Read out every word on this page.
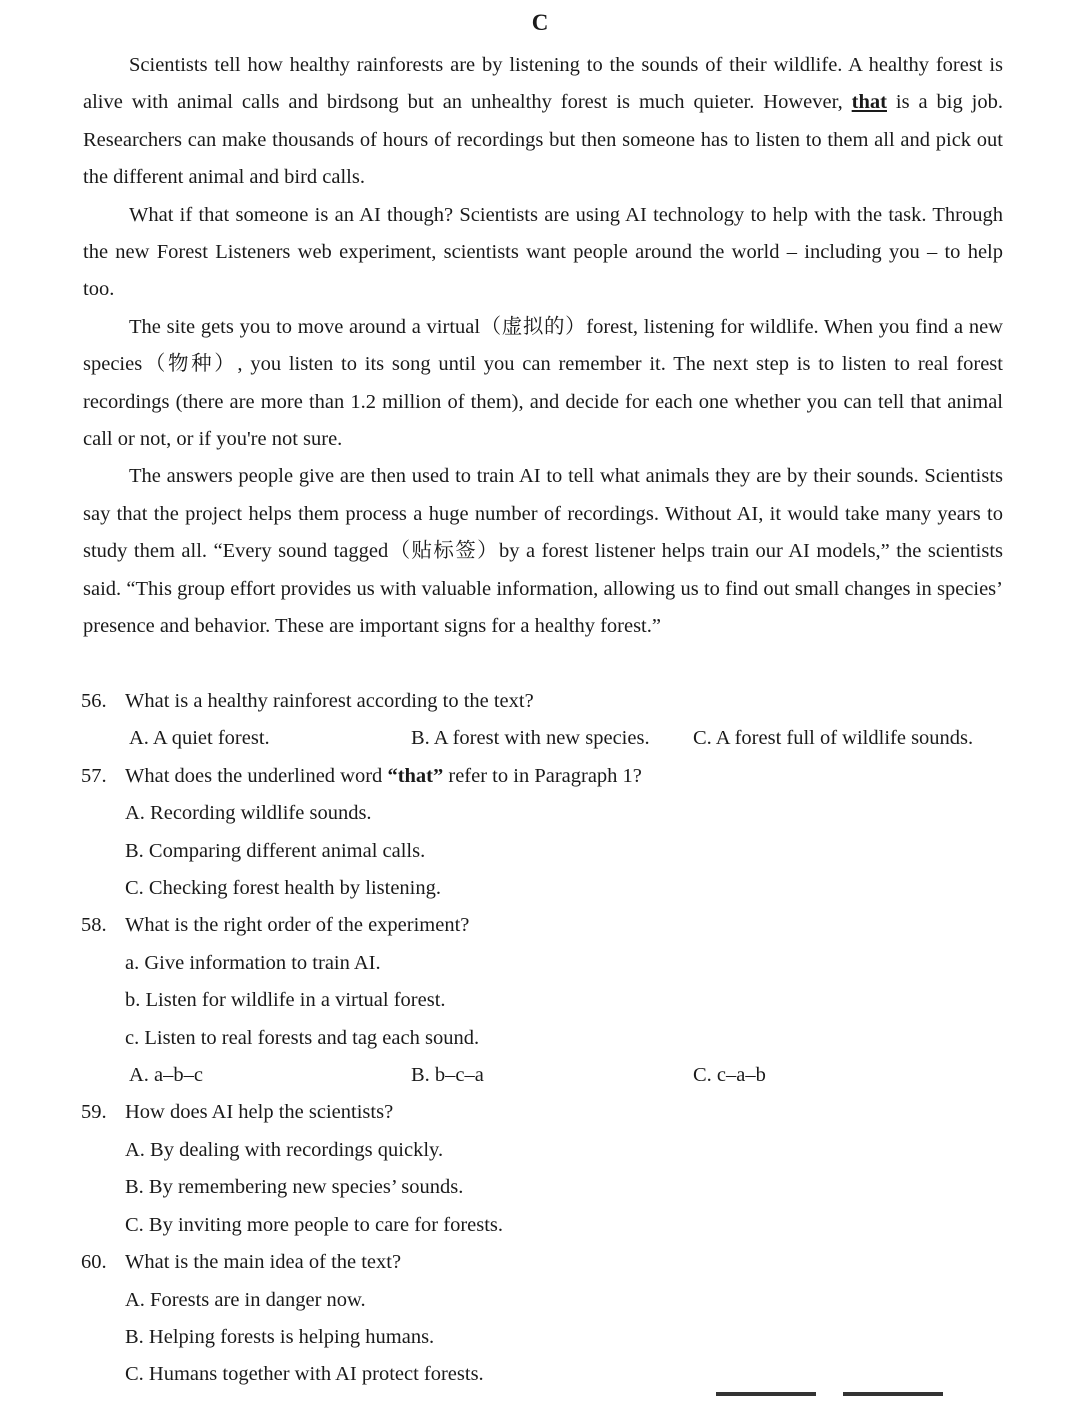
C

Scientists tell how healthy rainforests are by listening to the sounds of their wildlife. A healthy forest is alive with animal calls and birdsong but an unhealthy forest is much quieter. However, that is a big job. Researchers can make thousands of hours of recordings but then someone has to listen to them all and pick out the different animal and bird calls.

What if that someone is an AI though? Scientists are using AI technology to help with the task. Through the new Forest Listeners web experiment, scientists want people around the world – including you – to help too.

The site gets you to move around a virtual（虚拟的）forest, listening for wildlife. When you find a new species（物种）, you listen to its song until you can remember it. The next step is to listen to real forest recordings (there are more than 1.2 million of them), and decide for each one whether you can tell that animal call or not, or if you're not sure.

The answers people give are then used to train AI to tell what animals they are by their sounds. Scientists say that the project helps them process a huge number of recordings. Without AI, it would take many years to study them all. “Every sound tagged（贴标签）by a forest listener helps train our AI models,” the scientists said. “This group effort provides us with valuable information, allowing us to find out small changes in species’ presence and behavior. These are important signs for a healthy forest.”

56. What is a healthy rainforest according to the text?
A. A quiet forest.	B. A forest with new species.	C. A forest full of wildlife sounds.
57. What does the underlined word “that” refer to in Paragraph 1?
A. Recording wildlife sounds.
B. Comparing different animal calls.
C. Checking forest health by listening.
58. What is the right order of the experiment?
a. Give information to train AI.
b. Listen for wildlife in a virtual forest.
c. Listen to real forests and tag each sound.
A. a–b–c	B. b–c–a	C. c–a–b
59. How does AI help the scientists?
A. By dealing with recordings quickly.
B. By remembering new species’ sounds.
C. By inviting more people to care for forests.
60. What is the main idea of the text?
A. Forests are in danger now.
B. Helping forests is helping humans.
C. Humans together with AI protect forests.
